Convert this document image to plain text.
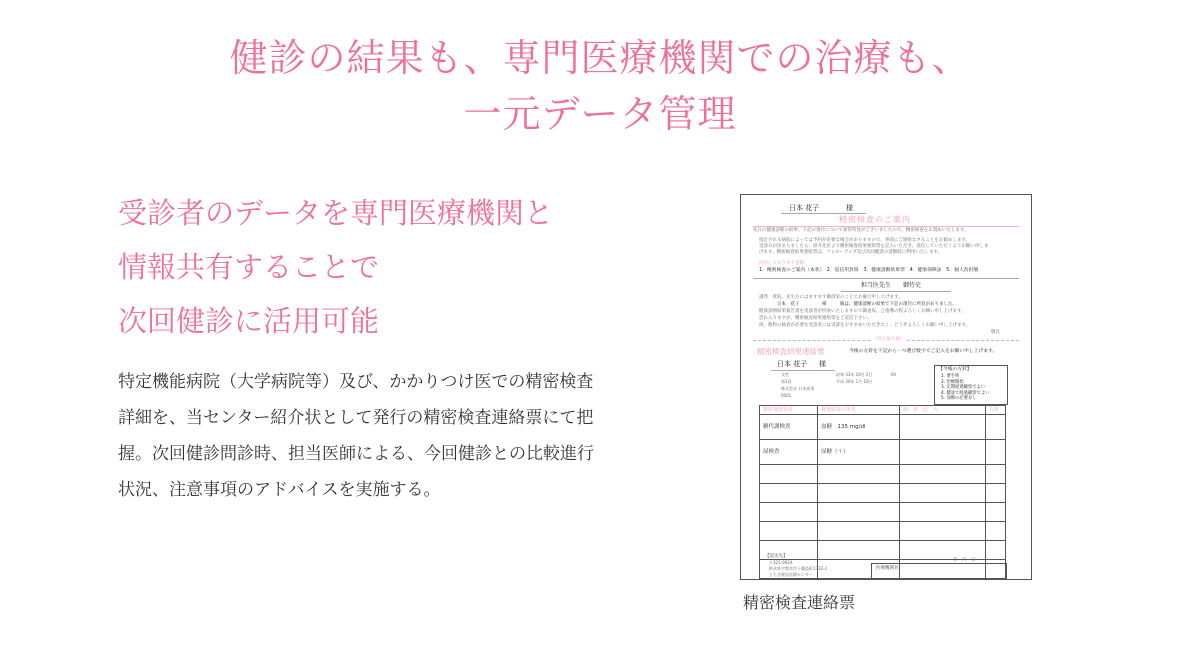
健診の結果も、専門医療機関での治療も、
一元データ管理
受診者のデータを専門医療機関と
情報共有することで
次回健診に活用可能
特定機能病院（大学病院等）及び、かかりつけ医での精密検査
詳細を、当センター紹介状として発行の精密検査連絡票にて把
握。次回健診問診時、担当医師による、今回健診との比較進行
状況、注意事項のアドバイスを実施する。
日本 花子	様
精密検査のご案内
先日の健康診断の結果、下記の項目について異常所見がございましたので、精密検査をお奨めいたします。
指定される病院によっては予約が必要な場合がありますので、事前にご連絡なさることをお勧めします。
受診日が決まりましたら、紹介先医より精密検査結果連絡票を記入いただき、返信していただくようお願い申しま
げます。精密検査結果連絡票は、フォローアップ及び次回健診の診断時に利用いたします。
同封しております書類
1．精密検査のご案内（本状）　2．返信用封筒　3．健康診断結果票　4．健康保険証　5．個人負担額
担当医先生　　御侍史
謹啓　貴院、先生方にはますます御清栄のこととお慶び申し上げます。
日本　花子　　　　　様　　　殿は、健康診断の結果で下記の項目に所見がありました。
健康診断結果報告書を受診者が持参いたしますので御査収、ご指導の程よろしくお願い申し上げます。
恐れ入りますが、精密検査結果連絡票をご返信下さい。
尚、他科の検査が必要な受診者には受診をおすすめいただきたく、どうぞよろしくお願い申し上げます。
敬具
（切り取り線）
精密検査結果連絡票	今後の方針を下記から一つ選び数字でご記入をお願い申し上げます。
日本 花子 様
女性	昭和 33年 10月 2日	60
第1回	平成 30年 1月 18日
株式会社 日本商事
0001
【今後の方針】
1. 要手術
2. 治療開始
3. 定期経過観察でよい
4. 健診で経過観察でよい
5. 加療の必要なし
精密検査項目	検査結果の所見	病　名　記　入	方針
糖代謝検査	血糖　135 mg/dl		
尿検査	尿糖（＋）		

【返送先】
〒321-0934
栃木県宇都宮市下桑島町1332-2
とちぎ健診医療センター
年　月　日
医療機関名
精密検査連絡票
